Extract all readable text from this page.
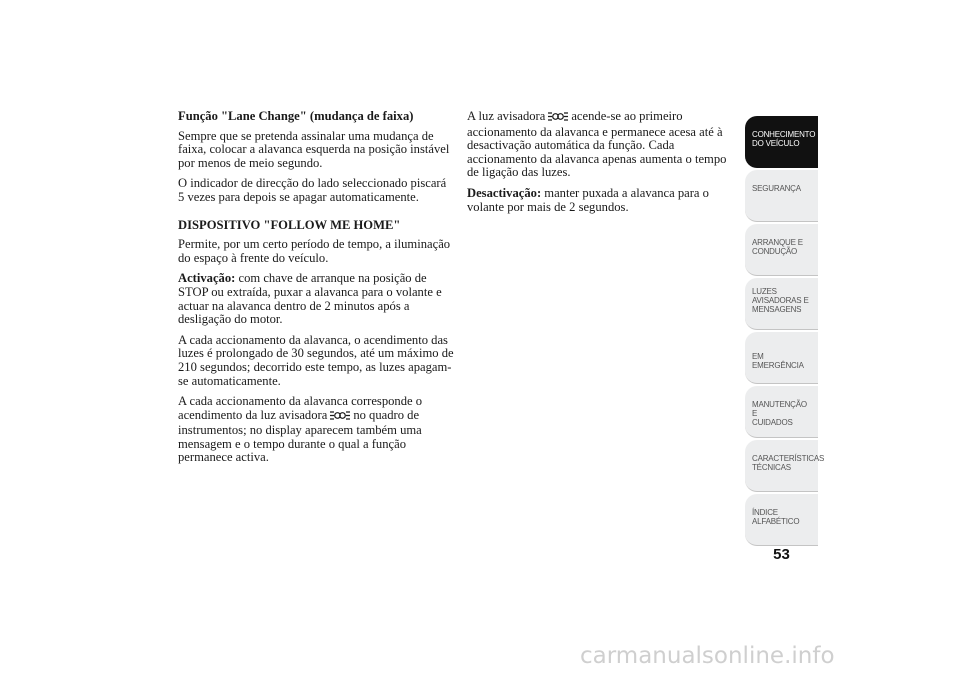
Função "Lane Change" (mudança de faixa)

Sempre que se pretenda assinalar uma mudança de faixa, colocar a alavanca esquerda na posição instável por menos de meio segundo.

O indicador de direcção do lado seleccionado piscará 5 vezes para depois se apagar automaticamente.

DISPOSITIVO "FOLLOW ME HOME"

Permite, por um certo período de tempo, a iluminação do espaço à frente do veículo.

Activação: com chave de arranque na posição de STOP ou extraída, puxar a alavanca para o volante e actuar na alavanca dentro de 2 minutos após a desligação do motor.

A cada accionamento da alavanca, o acendimento das luzes é prolongado de 30 segundos, até um máximo de 210 segundos; decorrido este tempo, as luzes apagam-se automaticamente.

A cada accionamento da alavanca corresponde o acendimento da luz avisadora no quadro de instrumentos; no display aparecem também uma mensagem e o tempo durante o qual a função permanece activa.

A luz avisadora acende-se ao primeiro accionamento da alavanca e permanece acesa até à desactivação automática da função. Cada accionamento da alavanca apenas aumenta o tempo de ligação das luzes.

Desactivação: manter puxada a alavanca para o volante por mais de 2 segundos.

CONHECIMENTO
DO VEÍCULO
SEGURANÇA
ARRANQUE E
CONDUÇÃO
LUZES
AVISADORAS E
MENSAGENS
EM EMERGÊNCIA
MANUTENÇÃO E
CUIDADOS
CARACTERÍSTICAS
TÉCNICAS
ÍNDICE
ALFABÉTICO
53
carmanualsonline.info
